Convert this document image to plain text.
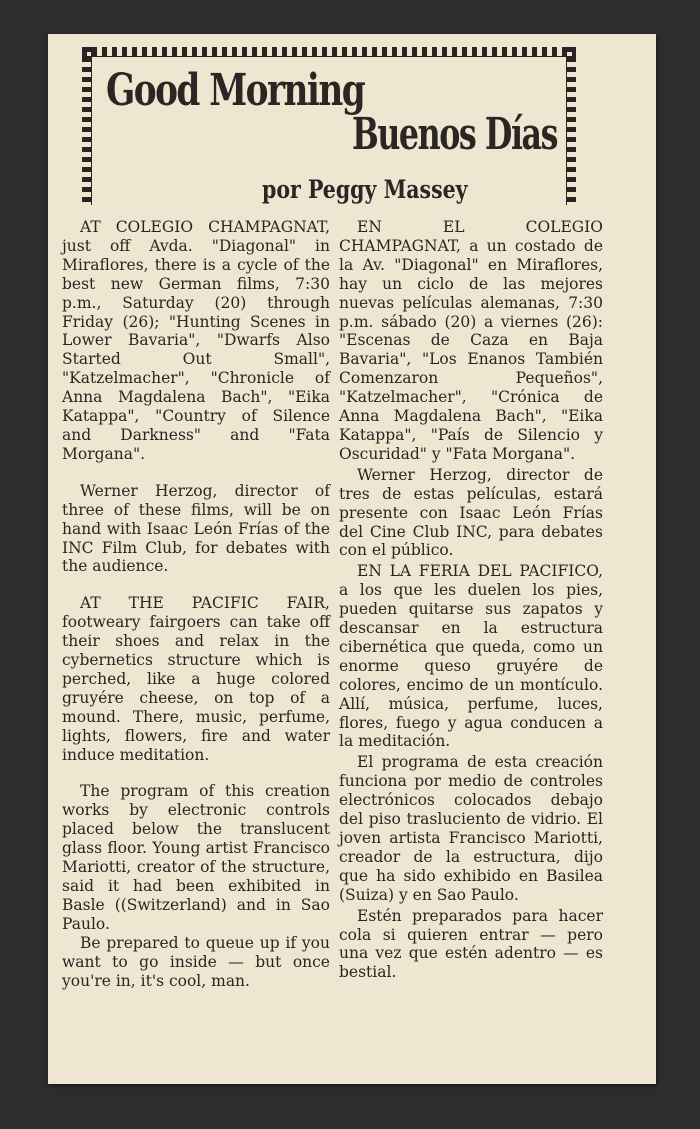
Good Morning
Buenos Días
por Peggy Massey

AT COLEGIO CHAMPAGNAT, just off Avda. "Diagonal" in Miraflores, there is a cycle of the best new German films, 7:30 p.m., Saturday (20) through Friday (26); "Hunting Scenes in Lower Bavaria", "Dwarfs Also Started Out Small", "Katzelmacher", "Chronicle of Anna Magdalena Bach", "Eika Katappa", "Country of Silence and Darkness" and "Fata Morgana".

Werner Herzog, director of three of these films, will be on hand with Isaac León Frías of the INC Film Club, for debates with the audience.

AT THE PACIFIC FAIR, footweary fairgoers can take off their shoes and relax in the cybernetics structure which is perched, like a huge colored gruyére cheese, on top of a mound. There, music, perfume, lights, flowers, fire and water induce meditation.

The program of this creation works by electronic controls placed below the translucent glass floor. Young artist Francisco Mariotti, creator of the structure, said it had been exhibited in Basle ((Switzerland) and in Sao Paulo.

Be prepared to queue up if you want to go inside — but once you're in, it's cool, man.

EN EL COLEGIO CHAMPAGNAT, a un costado de la Av. "Diagonal" en Miraflores, hay un ciclo de las mejores nuevas películas alemanas, 7:30 p.m. sábado (20) a viernes (26): "Escenas de Caza en Baja Bavaria", "Los Enanos También Comenzaron Pequeños", "Katzelmacher", "Crónica de Anna Magdalena Bach", "Eika Katappa", "País de Silencio y Oscuridad" y "Fata Morgana".

Werner Herzog, director de tres de estas películas, estará presente con Isaac León Frías del Cine Club INC, para debates con el público.

EN LA FERIA DEL PACIFICO, a los que les duelen los pies, pueden quitarse sus zapatos y descansar en la estructura cibernética que queda, como un enorme queso gruyére de colores, encimo de un montículo. Allí, música, perfume, luces, flores, fuego y agua conducen a la meditación.

El programa de esta creación funciona por medio de controles electrónicos colocados debajo del piso trasluciento de vidrio. El joven artista Francisco Mariotti, creador de la estructura, dijo que ha sido exhibido en Basilea (Suiza) y en Sao Paulo.

Estén preparados para hacer cola si quieren entrar — pero una vez que estén adentro — es bestial.
